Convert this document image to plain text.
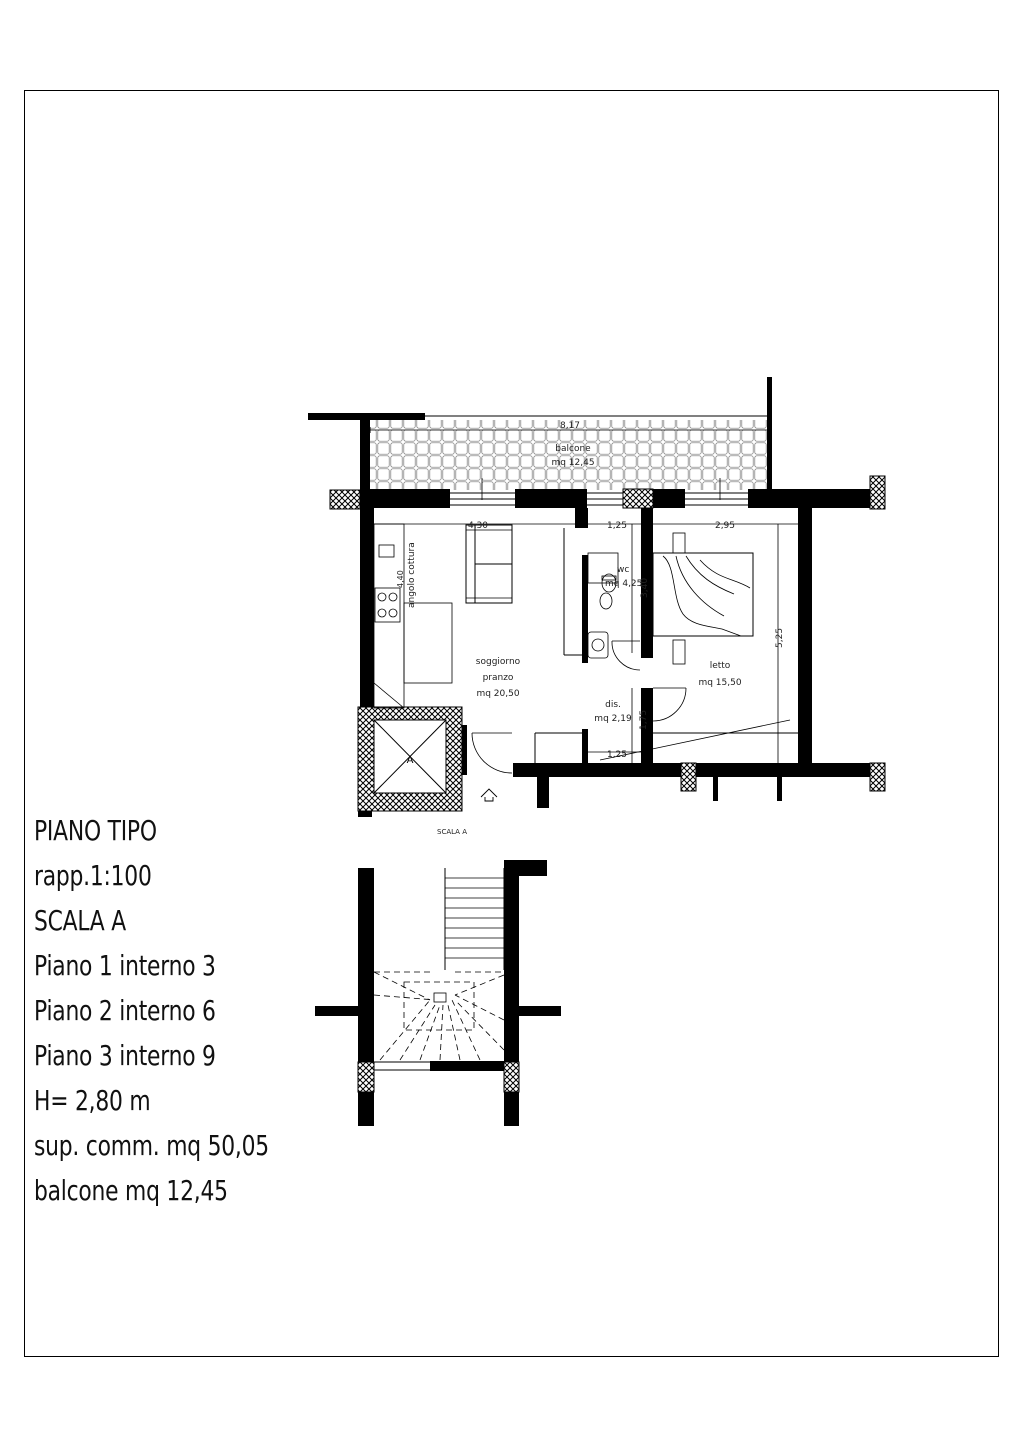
8,17
balcone
mq 12,45
A
angolo cottura
4,40
4,30	1,25	2,95
1,25
3,40
5,25
1,75
wc
mq 4,25
letto
mq 15,50
soggiorno
pranzo
mq 20,50
dis.
mq 2,19
SCALA A
PIANO TIPO
rapp.1:100
SCALA A
Piano 1 interno 3
Piano 2 interno 6
Piano 3 interno 9
H= 2,80 m
sup. comm. mq 50,05
balcone mq 12,45
